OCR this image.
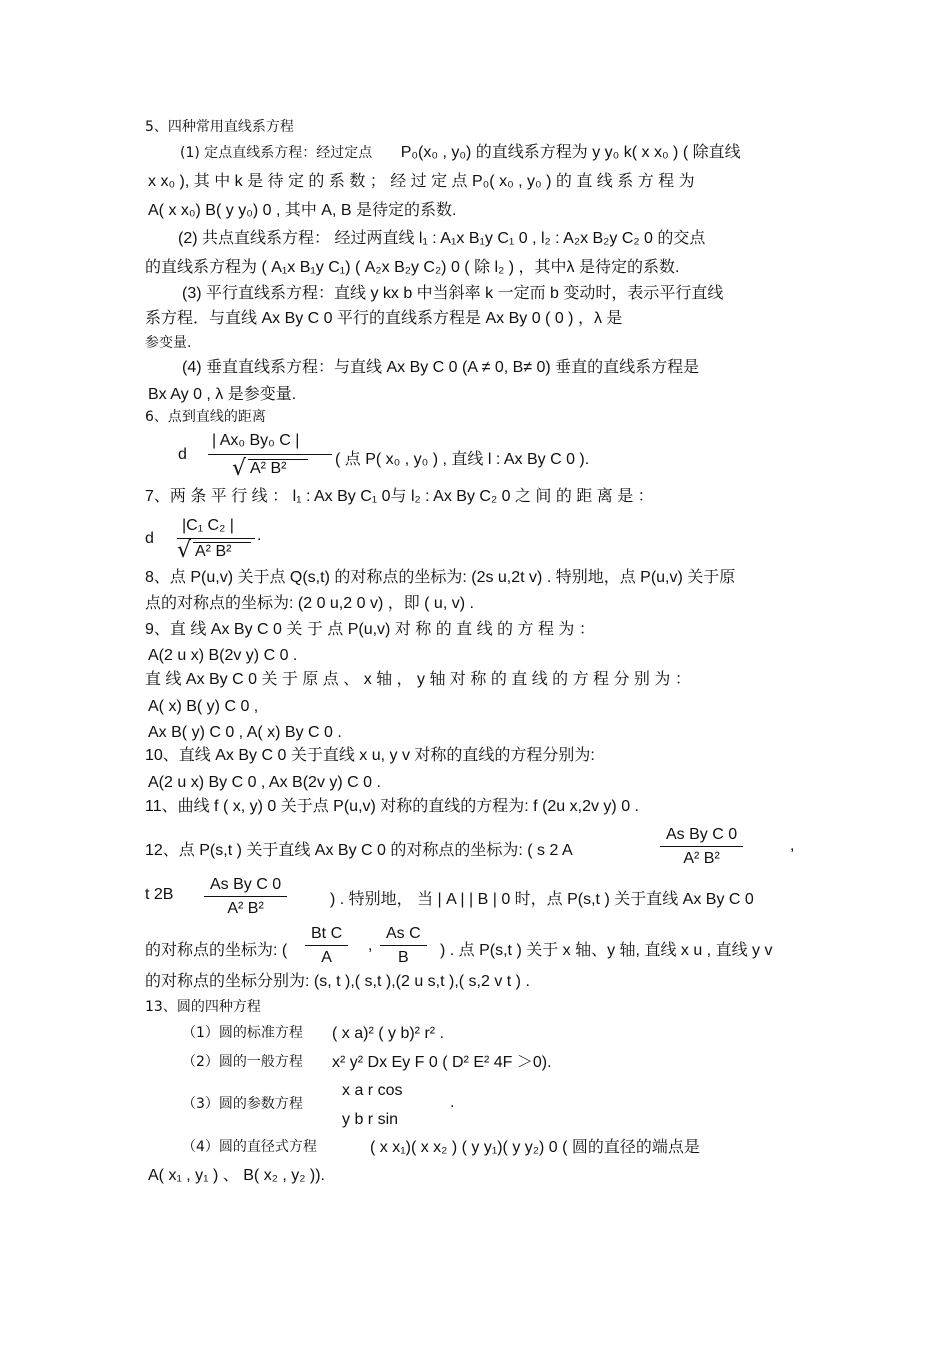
5、四种常用直线系方程
(1) 定点直线系方程：经过定点 P₀(x₀ , y₀) 的直线系方程为 y y₀ k( x x₀ ) ( 除直线
x x₀ ), 其 中 k 是 待 定 的 系 数 ； 经 过 定 点 P₀( x₀ , y₀ ) 的 直 线 系 方 程 为
A( x x₀) B( y y₀) 0 , 其中 A, B 是待定的系数.
(2) 共点直线系方程： 经过两直线 l₁ : A₁x B₁y C₁ 0 , l₂ : A₂x B₂y C₂ 0 的交点
的直线系方程为 ( A₁x B₁y C₁) ( A₂x B₂y C₂) 0 ( 除 l₂ ) ，其中λ 是待定的系数.
(3) 平行直线系方程：直线 y kx b 中当斜率 k 一定而 b 变动时，表示平行直线
系方程．与直线 Ax By C 0 平行的直线系方程是 Ax By 0 ( 0 ) ，λ 是
参变量.
(4) 垂直直线系方程：与直线 Ax By C 0 (A ≠ 0, B≠ 0) 垂直的直线系方程是
Bx Ay 0 , λ 是参变量.
6、点到直线的距离
d
| Ax₀ By₀ C |
√ A² B²
( 点 P( x₀ , y₀ ) , 直线 l : Ax By C 0 ).
7、两 条 平 行 线 ： l₁ : Ax By C₁ 0与 l₂ : Ax By C₂ 0 之 间 的 距 离 是 ：
d
|C₁ C₂ |
√ A² B²
.
8、点 P(u,v) 关于点 Q(s,t) 的对称点的坐标为: (2s u,2t v) . 特别地，点 P(u,v) 关于原
点的对称点的坐标为: (2 0 u,2 0 v) ，即 ( u, v) .
9、直 线 Ax By C 0 关 于 点 P(u,v) 对 称 的 直 线 的 方 程 为 ：
A(2 u x) B(2v y) C 0 .
直 线 Ax By C 0 关 于 原 点 、 x 轴 ， y 轴 对 称 的 直 线 的 方 程 分 别 为 ：
A( x) B( y) C 0 ,
Ax B( y) C 0 , A( x) By C 0 .
10、直线 Ax By C 0 关于直线 x u, y v 对称的直线的方程分别为:
A(2 u x) By C 0 , Ax B(2v y) C 0 .
11、曲线 f ( x, y) 0 关于点 P(u,v) 对称的直线的方程为: f (2u x,2v y) 0 .
12、点 P(s,t ) 关于直线 Ax By C 0 的对称点的坐标为: ( s 2 A
As By C 0
A² B²
,
t 2B
As By C 0
A² B²
) . 特别地， 当 | A | | B | 0 时，点 P(s,t ) 关于直线 Ax By C 0
的对称点的坐标为: (
Bt C
A
,
As C
B	) . 点 P(s,t ) 关于 x 轴、y 轴, 直线 x u , 直线 y v
的对称点的坐标分别为: (s, t ),( s,t ),(2 u s,t ),( s,2 v t ) .
13、圆的四种方程
（1）圆的标准方程 ( x a)² ( y b)² r² .
（2）圆的一般方程 x² y² Dx Ey F 0 ( D² E² 4F ＞0).
（3）圆的参数方程
x a r cos
y b r sin
.
（4）圆的直径式方程	( x x₁)( x x₂ ) ( y y₁)( y y₂) 0 ( 圆的直径的端点是
A( x₁ , y₁ ) 、 B( x₂ , y₂ )).
